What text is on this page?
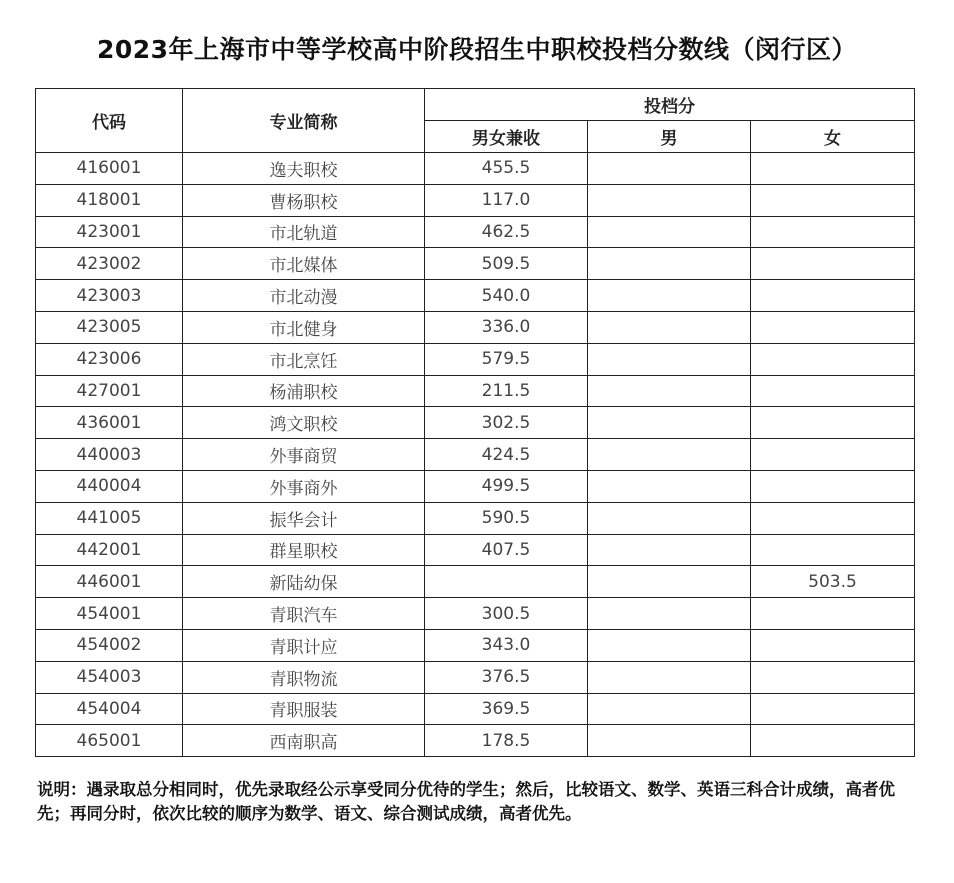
2023年上海市中等学校高中阶段招生中职校投档分数线（闵行区）
代码	专业简称	投档分		
		男女兼收	男	女
416001	逸夫职校	455.5		
418001	曹杨职校	117.0		
423001	市北轨道	462.5		
423002	市北媒体	509.5		
423003	市北动漫	540.0		
423005	市北健身	336.0		
423006	市北烹饪	579.5		
427001	杨浦职校	211.5		
436001	鸿文职校	302.5		
440003	外事商贸	424.5		
440004	外事商外	499.5		
441005	振华会计	590.5		
442001	群星职校	407.5		
446001	新陆幼保			503.5
454001	青职汽车	300.5		
454002	青职计应	343.0		
454003	青职物流	376.5		
454004	青职服装	369.5		
465001	西南职高	178.5		
说明：遇录取总分相同时，优先录取经公示享受同分优待的学生；然后，比较语文、数学、英语三科合计成绩，高者优先；再同分时，依次比较的顺序为数学、语文、综合测试成绩，高者优先。
